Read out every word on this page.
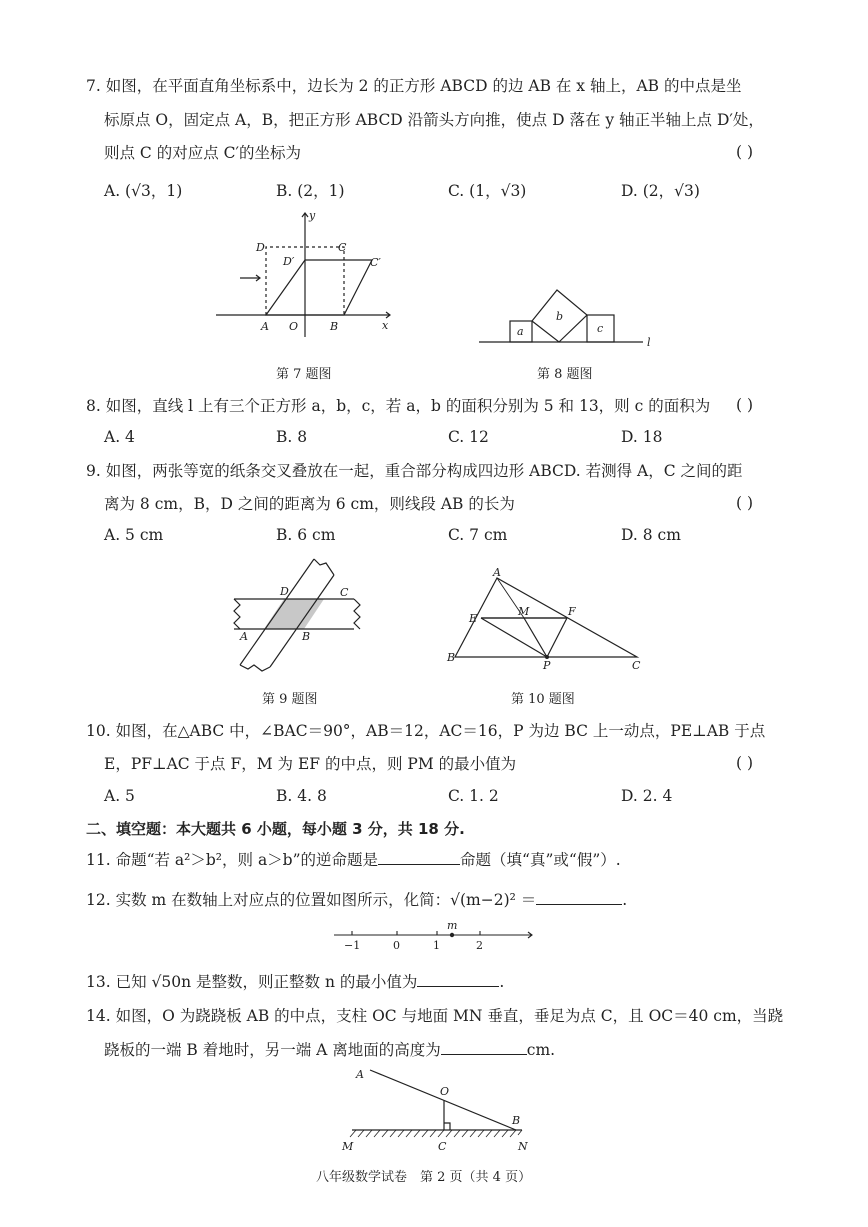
7. 如图，在平面直角坐标系中，边长为 2 的正方形 ABCD 的边 AB 在 x 轴上，AB 的中点是坐
标原点 O，固定点 A，B，把正方形 ABCD 沿箭头方向推，使点 D 落在 y 轴正半轴上点 D′处，
则点 C 的对应点 C′的坐标为	( )
A. (√3，1)	B. (2，1)	C. (1，√3)	D. (2，√3)
y
x
D	C
D′	C′
A O	B
第 7 题图
a
b
c
l
第 8 题图
8. 如图，直线 l 上有三个正方形 a，b，c，若 a，b 的面积分别为 5 和 13，则 c 的面积为 ( )
A. 4	B. 8	C. 12	D. 18
9. 如图，两张等宽的纸条交叉叠放在一起，重合部分构成四边形 ABCD. 若测得 A，C 之间的距
离为 8 cm，B，D 之间的距离为 6 cm，则线段 AB 的长为	( )
A. 5 cm	B. 6 cm	C. 7 cm	D. 8 cm
D	C
A	B
第 9 题图
A
E
M	F
B
P	C
第 10 题图
10. 如图，在△ABC 中，∠BAC＝90°，AB＝12，AC＝16，P 为边 BC 上一动点，PE⊥AB 于点
E，PF⊥AC 于点 F，M 为 EF 的中点，则 PM 的最小值为	( )
A. 5	B. 4. 8	C. 1. 2	D. 2. 4
二、填空题：本大题共 6 小题，每小题 3 分，共 18 分.
11. 命题“若 a²＞b²，则 a＞b”的逆命题是	命题（填“真”或“假”）.
12. 实数 m 在数轴上对应点的位置如图所示，化简：√(m−2)² ＝	.
−1	0	1	2
m
13. 已知 √50n 是整数，则正整数 n 的最小值为	.
14. 如图，O 为跷跷板 AB 的中点，支柱 OC 与地面 MN 垂直，垂足为点 C，且 OC＝40 cm，当跷
跷板的一端 B 着地时，另一端 A 离地面的高度为	cm.
A
O
B
M	C	N
八年级数学试卷　第 2 页（共 4 页）
